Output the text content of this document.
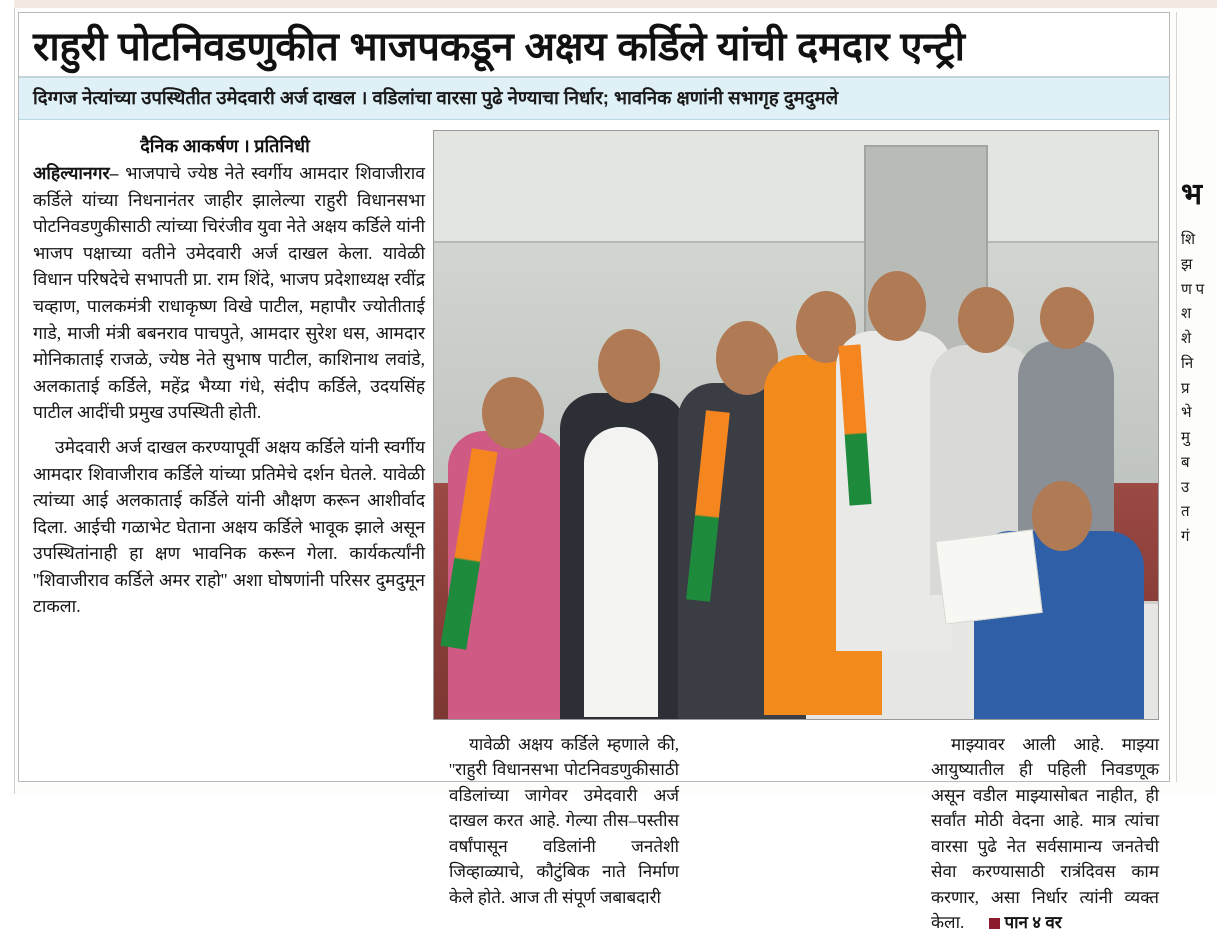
राहुरी पोटनिवडणुकीत भाजपकडून अक्षय कर्डिले यांची दमदार एन्ट्री
दिग्गज नेत्यांच्या उपस्थितीत उमेदवारी अर्ज दाखल । वडिलांचा वारसा पुढे नेण्याचा निर्धार; भावनिक क्षणांनी सभागृह दुमदुमले
दैनिक आकर्षण । प्रतिनिधी

अहिल्यानगर– भाजपाचे ज्येष्ठ नेते स्वर्गीय आमदार शिवाजीराव कर्डिले यांच्या निधनानंतर जाहीर झालेल्या राहुरी विधानसभा पोटनिवडणुकीसाठी त्यांच्या चिरंजीव युवा नेते अक्षय कर्डिले यांनी भाजप पक्षाच्या वतीने उमेदवारी अर्ज दाखल केला. यावेळी विधान परिषदेचे सभापती प्रा. राम शिंदे, भाजप प्रदेशाध्यक्ष रवींद्र चव्हाण, पालकमंत्री राधाकृष्ण विखे पाटील, महापौर ज्योतीताई गाडे, माजी मंत्री बबनराव पाचपुते, आमदार सुरेश धस, आमदार मोनिकाताई राजळे, ज्येष्ठ नेते सुभाष पाटील, काशिनाथ लवांडे, अलकाताई कर्डिले, महेंद्र भैय्या गंधे, संदीप कर्डिले, उदयसिंह पाटील आदींची प्रमुख उपस्थिती होती.

उमेदवारी अर्ज दाखल करण्यापूर्वी अक्षय कर्डिले यांनी स्वर्गीय आमदार शिवाजीराव कर्डिले यांच्या प्रतिमेचे दर्शन घेतले. यावेळी त्यांच्या आई अलकाताई कर्डिले यांनी औक्षण करून आशीर्वाद दिला. आईची गळाभेट घेताना अक्षय कर्डिले भावूक झाले असून उपस्थितांनाही हा क्षण भावनिक करून गेला. कार्यकर्त्यांनी ''शिवाजीराव कर्डिले अमर राहो'' अशा घोषणांनी परिसर दुमदुमून टाकला.

यावेळी अक्षय कर्डिले म्हणाले की, ''राहुरी विधानसभा पोटनिवडणुकीसाठी वडिलांच्या जागेवर उमेदवारी अर्ज दाखल करत आहे. गेल्या तीस–पस्तीस वर्षांपासून वडिलांनी जनतेशी जिव्हाळ्याचे, कौटुंबिक नाते निर्माण केले होते. आज ती संपूर्ण जबाबदारी

माझ्यावर आली आहे. माझ्या आयुष्यातील ही पहिली निवडणूक असून वडील माझ्यासोबत नाहीत, ही सर्वांत मोठी वेदना आहे. मात्र त्यांचा वारसा पुढे नेत सर्वसामान्य जनतेची सेवा करण्यासाठी रात्रंदिवस काम करणार, असा निर्धार त्यांनी व्यक्त केला. पान ४ वर

भ
शि
झ
ण प
श
शे
नि
प्र
भे
मु
ब
उ
त
गं
